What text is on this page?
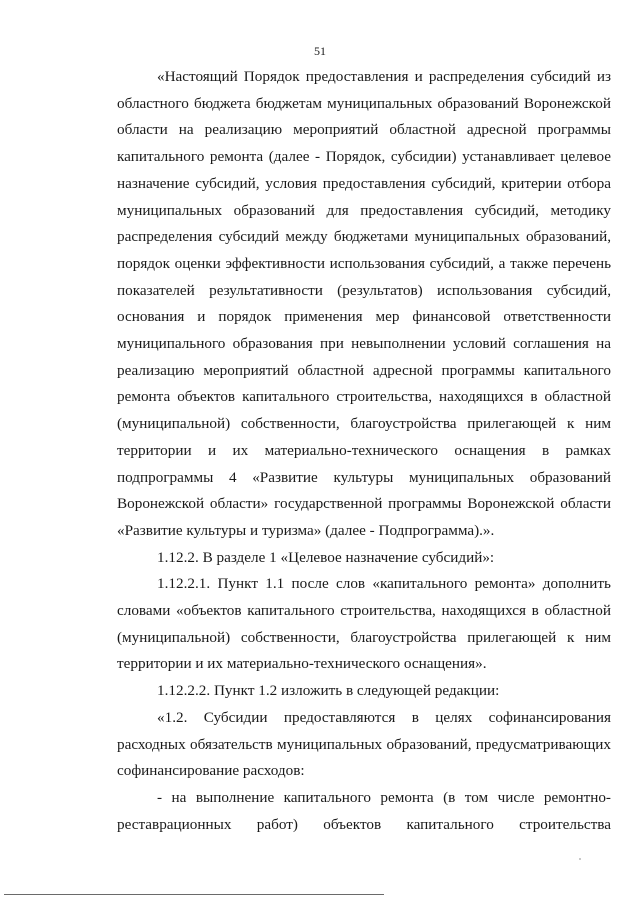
51

«Настоящий Порядок предоставления и распределения субсидий из областного бюджета бюджетам муниципальных образований Воронежской области на реализацию мероприятий областной адресной программы капитального ремонта (далее - Порядок, субсидии) устанавливает целевое назначение субсидий, условия предоставления субсидий, критерии отбора муниципальных образований для предоставления субсидий, методику распределения субсидий между бюджетами муниципальных образований, порядок оценки эффективности использования субсидий, а также перечень показателей результативности (результатов) использования субсидий, основания и порядок применения мер финансовой ответственности муниципального образования при невыполнении условий соглашения на реализацию мероприятий областной адресной программы капитального ремонта объектов капитального строительства, находящихся в областной (муниципальной) собственности, благоустройства прилегающей к ним территории и их материально-технического оснащения в рамках подпрограммы 4 «Развитие культуры муниципальных образований Воронежской области» государственной программы Воронежской области «Развитие культуры и туризма» (далее - Подпрограмма).».

1.12.2. В разделе 1 «Целевое назначение субсидий»:

1.12.2.1. Пункт 1.1 после слов «капитального ремонта» дополнить словами «объектов капитального строительства, находящихся в областной (муниципальной) собственности, благоустройства прилегающей к ним территории и их материально-технического оснащения».

1.12.2.2. Пункт 1.2 изложить в следующей редакции:

«1.2. Субсидии предоставляются в целях софинансирования расходных обязательств муниципальных образований, предусматривающих софинансирование расходов:

- на выполнение капитального ремонта (в том числе ремонтно-реставрационных работ) объектов капитального строительства
